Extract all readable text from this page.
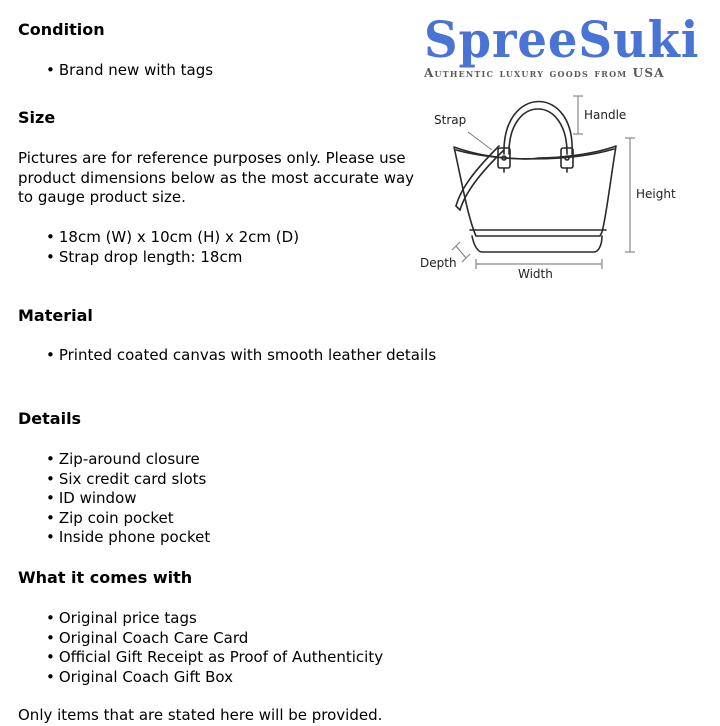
Condition
• Brand new with tags
Size

Pictures are for reference purposes only. Please use product dimensions below as the most accurate way to gauge product size.

• 18cm (W) x 10cm (H) x 2cm (D)
• Strap drop length: 18cm
Material
• Printed coated canvas with smooth leather details
Details
• Zip-around closure
• Six credit card slots
• ID window
• Zip coin pocket
• Inside phone pocket
What it comes with
• Original price tags
• Original Coach Care Card
• Official Gift Receipt as Proof of Authenticity
• Original Coach Gift Box

Only items that are stated here will be provided.

SpreeSuki
Authentic luxury goods from USA
Strap	Handle
Height
Depth
Width
